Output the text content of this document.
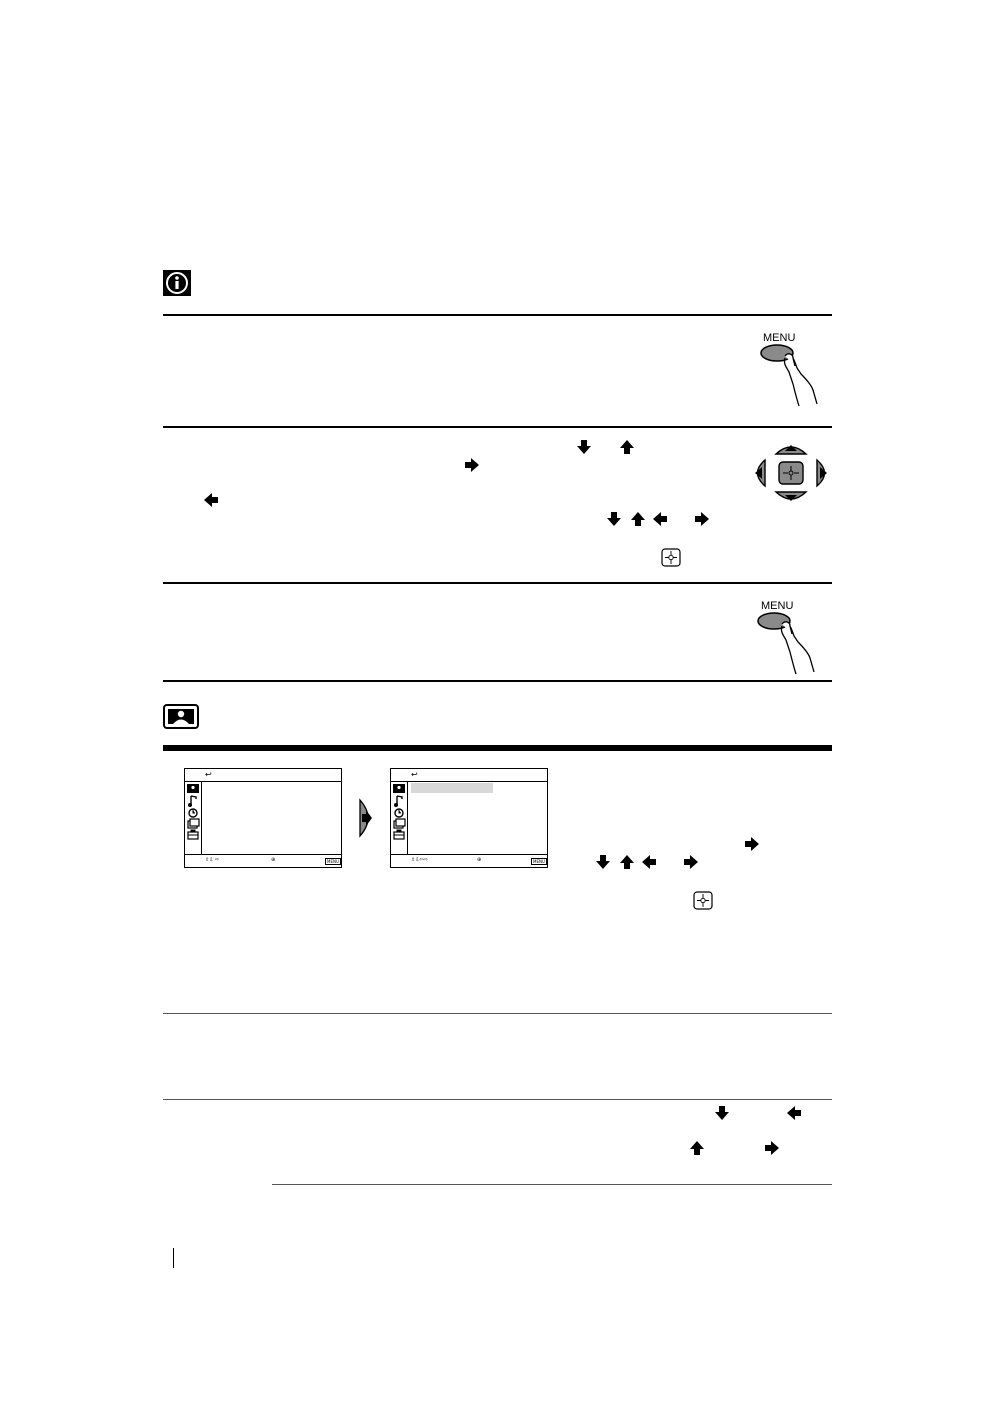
MENU
MENU
↩
⇧⇩ ⇨	⊕	MENU
↩
⇧⇩⇦⇨	⊕	MENU
